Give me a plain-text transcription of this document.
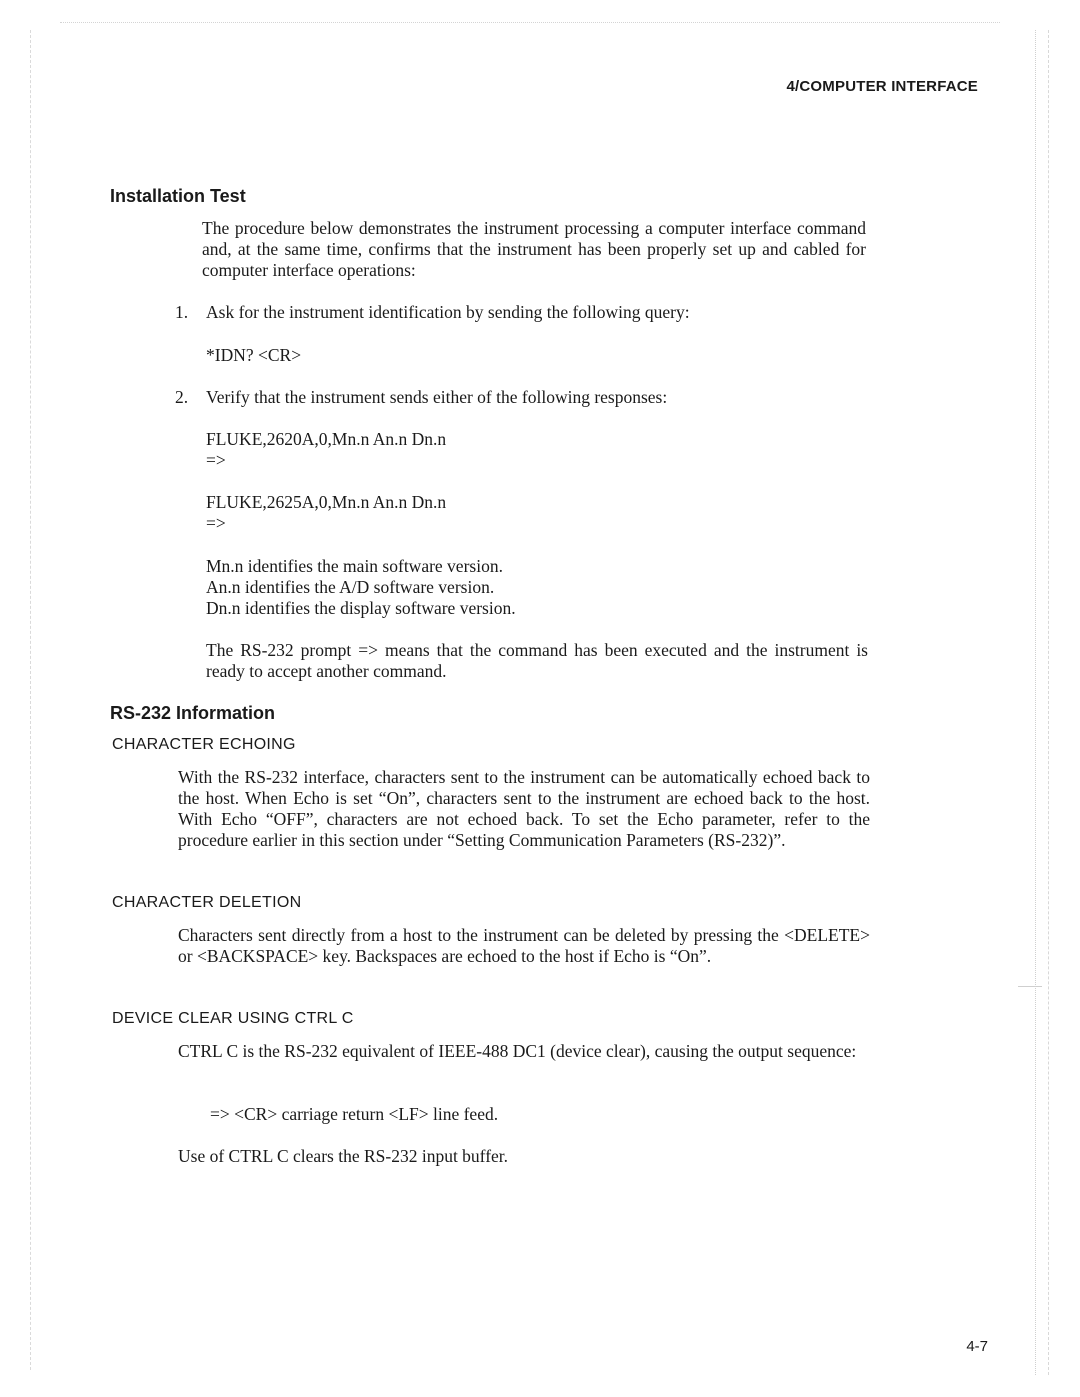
4/COMPUTER INTERFACE
Installation Test
The procedure below demonstrates the instrument processing a computer interface command and, at the same time, confirms that the instrument has been properly set up and cabled for computer interface operations:
1.	Ask for the instrument identification by sending the following query:
*IDN? <CR>
2.	Verify that the instrument sends either of the following responses:
FLUKE,2620A,0,Mn.n An.n Dn.n
=>
FLUKE,2625A,0,Mn.n An.n Dn.n
=>
Mn.n identifies the main software version.
An.n identifies the A/D software version.
Dn.n identifies the display software version.
The RS-232 prompt => means that the command has been executed and the instrument is ready to accept another command.
RS-232 Information
CHARACTER ECHOING
With the RS-232 interface, characters sent to the instrument can be automatically echoed back to the host. When Echo is set “On”, characters sent to the instrument are echoed back to the host. With Echo “OFF”, characters are not echoed back. To set the Echo parameter, refer to the procedure earlier in this section under “Setting Communication Parameters (RS-232)”.
CHARACTER DELETION
Characters sent directly from a host to the instrument can be deleted by pressing the <DELETE> or <BACKSPACE> key. Backspaces are echoed to the host if Echo is “On”.
DEVICE CLEAR USING CTRL C
CTRL C is the RS-232 equivalent of IEEE-488 DC1 (device clear), causing the output sequence:
=> <CR> carriage return <LF> line feed.
Use of CTRL C clears the RS-232 input buffer.
4-7
